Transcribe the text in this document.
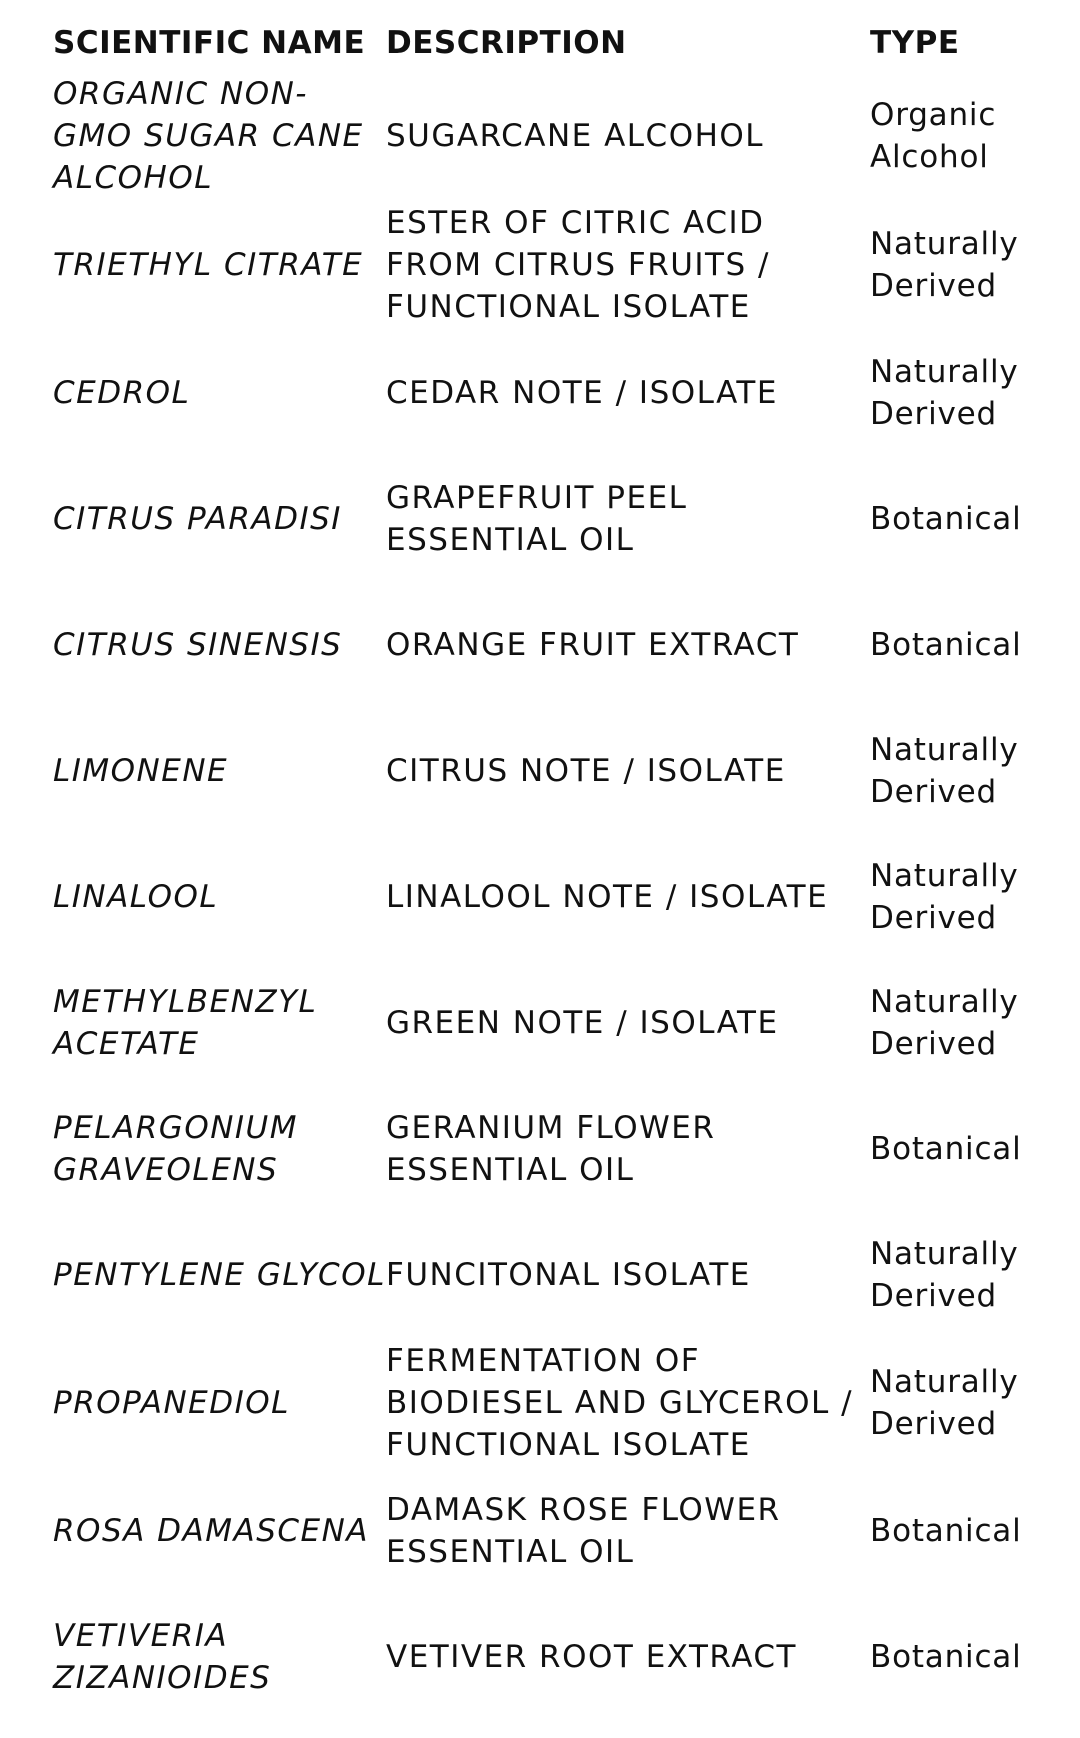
SCIENTIFIC NAME	DESCRIPTION	TYPE
ORGANIC NON-GMO SUGAR CANE ALCOHOL	SUGARCANE ALCOHOL	Organic Alcohol
TRIETHYL CITRATE	ESTER OF CITRIC ACID FROM CITRUS FRUITS / FUNCTIONAL ISOLATE	Naturally Derived
CEDROL	CEDAR NOTE / ISOLATE	Naturally Derived
CITRUS PARADISI	GRAPEFRUIT PEEL ESSENTIAL OIL	Botanical
CITRUS SINENSIS	ORANGE FRUIT EXTRACT	Botanical
LIMONENE	CITRUS NOTE / ISOLATE	Naturally Derived
LINALOOL	LINALOOL NOTE / ISOLATE	Naturally Derived
METHYLBENZYL ACETATE	GREEN NOTE / ISOLATE	Naturally Derived
PELARGONIUM GRAVEOLENS	GERANIUM FLOWER ESSENTIAL OIL	Botanical
PENTYLENE GLYCOL	FUNCITONAL ISOLATE	Naturally Derived
PROPANEDIOL	FERMENTATION OF BIODIESEL AND GLYCEROL / FUNCTIONAL ISOLATE	Naturally Derived
ROSA DAMASCENA	DAMASK ROSE FLOWER ESSENTIAL OIL	Botanical
VETIVERIA ZIZANIOIDES	VETIVER ROOT EXTRACT	Botanical
